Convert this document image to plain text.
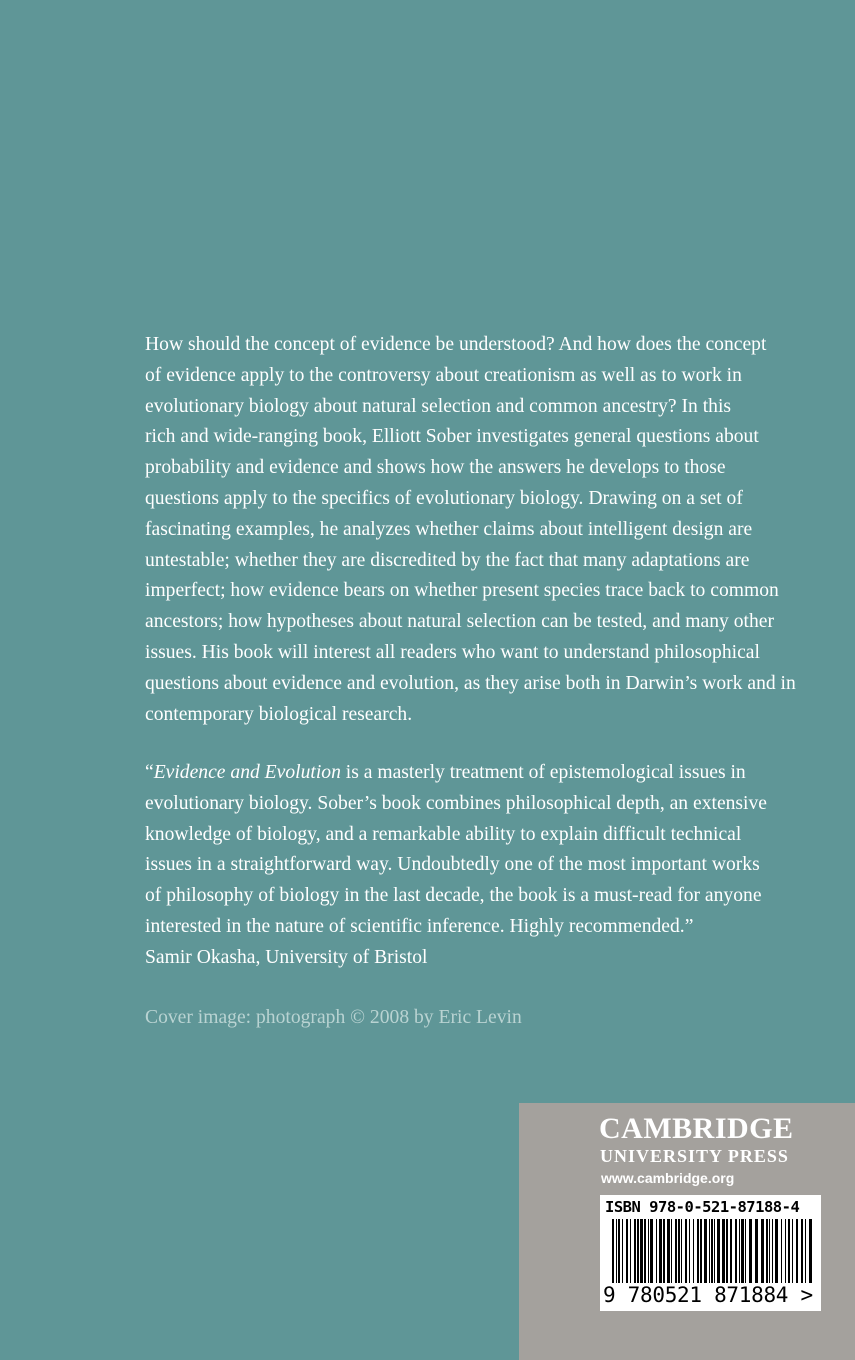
How should the concept of evidence be understood? And how does the concept
of evidence apply to the controversy about creationism as well as to work in
evolutionary biology about natural selection and common ancestry? In this
rich and wide-ranging book, Elliott Sober investigates general questions about
probability and evidence and shows how the answers he develops to those
questions apply to the specifics of evolutionary biology. Drawing on a set of
fascinating examples, he analyzes whether claims about intelligent design are
untestable; whether they are discredited by the fact that many adaptations are
imperfect; how evidence bears on whether present species trace back to common
ancestors; how hypotheses about natural selection can be tested, and many other
issues. His book will interest all readers who want to understand philosophical
questions about evidence and evolution, as they arise both in Darwin’s work and in
contemporary biological research.

“Evidence and Evolution is a masterly treatment of epistemological issues in
evolutionary biology. Sober’s book combines philosophical depth, an extensive
knowledge of biology, and a remarkable ability to explain difficult technical
issues in a straightforward way. Undoubtedly one of the most important works
of philosophy of biology in the last decade, the book is a must-read for anyone
interested in the nature of scientific inference. Highly recommended.”
Samir Okasha, University of Bristol
Cover image: photograph © 2008 by Eric Levin
CAMBRIDGE
UNIVERSITY PRESS
www.cambridge.org
ISBN 978-0-521-87188-4
9 780521 871884 >
